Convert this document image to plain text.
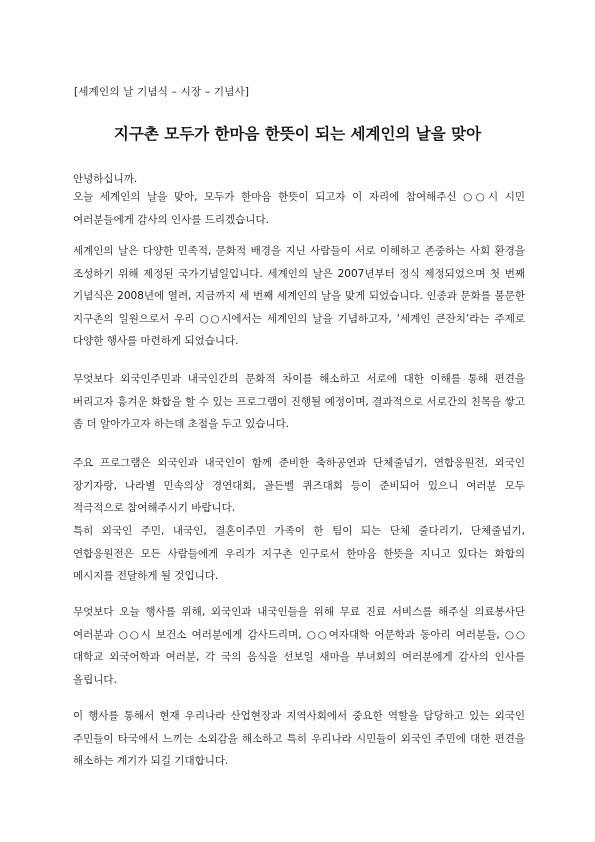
[세계인의 날 기념식 – 시장 – 기념사]
지구촌 모두가 한마음 한뜻이 되는 세계인의 날을 맞아
안녕하십니까.
오늘 세계인의 날을 맞아, 모두가 한마음 한뜻이 되고자 이 자리에 참여해주신 ○○시 시민 여러분들에게 감사의 인사를 드리겠습니다.
세계인의 날은 다양한 민족적, 문화적 배경을 지닌 사람들이 서로 이해하고 존중하는 사회 환경을 조성하기 위해 제정된 국가기념일입니다. 세계인의 날은 2007년부터 정식 제정되었으며 첫 번째 기념식은 2008년에 열려, 지금까지 세 번째 세계인의 날을 맞게 되었습니다. 인종과 문화를 불문한 지구촌의 일원으로서 우리 ○○시에서는 세계인의 날을 기념하고자, ‘세계인 큰잔치’라는 주제로 다양한 행사를 마련하게 되었습니다.
무엇보다 외국인주민과 내국인간의 문화적 차이를 해소하고 서로에 대한 이해를 통해 편견을 버리고자 흥겨운 화합을 할 수 있는 프로그램이 진행될 예정이며, 결과적으로 서로간의 친목을 쌓고 좀 더 알아가고자 하는데 초점을 두고 있습니다.
주요 프로그램은 외국인과 내국인이 함께 준비한 축하공연과 단체줄넘기, 연합응원전, 외국인 장기자랑, 나라별 민속의상 경연대회, 골든벨 퀴즈대회 등이 준비되어 있으니 여러분 모두 적극적으로 참여해주시기 바랍니다.
특히 외국인 주민, 내국인, 결혼이주민 가족이 한 팀이 되는 단체 줄다리기, 단체줄넘기, 연합응원전은 모든 사람들에게 우리가 지구촌 인구로서 한마음 한뜻을 지니고 있다는 화합의 메시지를 전달하게 될 것입니다.
무엇보다 오늘 행사를 위해, 외국인과 내국인들을 위해 무료 진료 서비스를 해주실 의료봉사단 여러분과 ○○시 보건소 여러분에게 감사드리며, ○○여자대학 어문학과 동아리 여러분들, ○○대학교 외국어학과 여러분, 각 국의 음식을 선보일 새마을 부녀회의 여러분에게 감사의 인사를 올립니다.
이 행사를 통해서 현재 우리나라 산업현장과 지역사회에서 중요한 역할을 담당하고 있는 외국인 주민들이 타국에서 느끼는 소외감을 해소하고 특히 우리나라 시민들이 외국인 주민에 대한 편견을 해소하는 계기가 되길 기대합니다.
